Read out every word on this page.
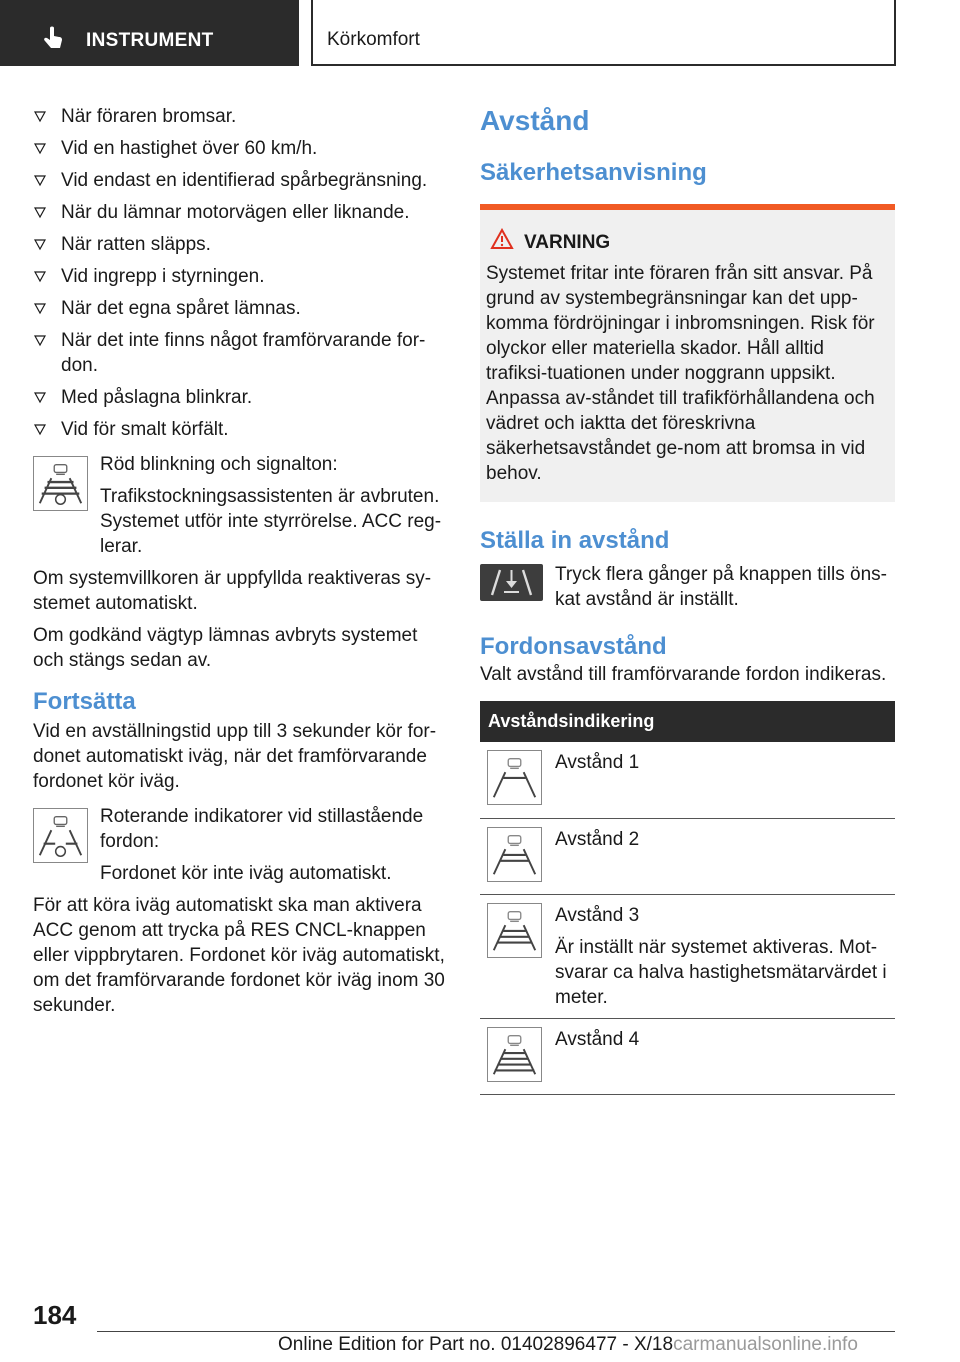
INSTRUMENT	Körkomfort
När föraren bromsar.
Vid en hastighet över 60 km/h.
Vid endast en identifierad spårbegränsning.
När du lämnar motorvägen eller liknande.
När ratten släpps.
Vid ingrepp i styrningen.
När det egna spåret lämnas.
När det inte finns något framförvarande for-don.
Med påslagna blinkrar.
Vid för smalt körfält.

Röd blinkning och signalton:

Trafikstockningsassistenten är avbruten. Systemet utför inte styrrörelse. ACC reg-lerar.

Om systemvillkoren är uppfyllda reaktiveras sy-stemet automatiskt.

Om godkänd vägtyp lämnas avbryts systemet och stängs sedan av.

Fortsätta

Vid en avställningstid upp till 3 sekunder kör for-donet automatiskt iväg, när det framförvarande fordonet kör iväg.

Roterande indikatorer vid stillastående fordon:

Fordonet kör inte iväg automatiskt.

För att köra iväg automatiskt ska man aktivera ACC genom att trycka på RES CNCL-knappen eller vippbrytaren. Fordonet kör iväg automatiskt, om det framförvarande fordonet kör iväg inom 30 sekunder.

Avstånd
Säkerhetsanvisning
VARNING

Systemet fritar inte föraren från sitt ansvar. På grund av systembegränsningar kan det upp-komma fördröjningar i inbromsningen. Risk för olyckor eller materiella skador. Håll alltid trafiksi-tuationen under noggrann uppsikt. Anpassa av-ståndet till trafikförhållandena och vädret och iaktta det föreskrivna säkerhetsavståndet ge-nom att bromsa in vid behov.

Ställa in avstånd

Tryck flera gånger på knappen tills öns-kat avstånd är inställt.

Fordonsavstånd

Valt avstånd till framförvarande fordon indikeras.

Avståndsindikering	

Avstånd 1

Avstånd 2

Avstånd 3
Är inställt när systemet aktiveras. Mot-svarar ca halva hastighetsmätarvärdet i meter.

Avstånd 4
184
Online Edition for Part no. 01402896477 - X/18carmanualsonline.info
